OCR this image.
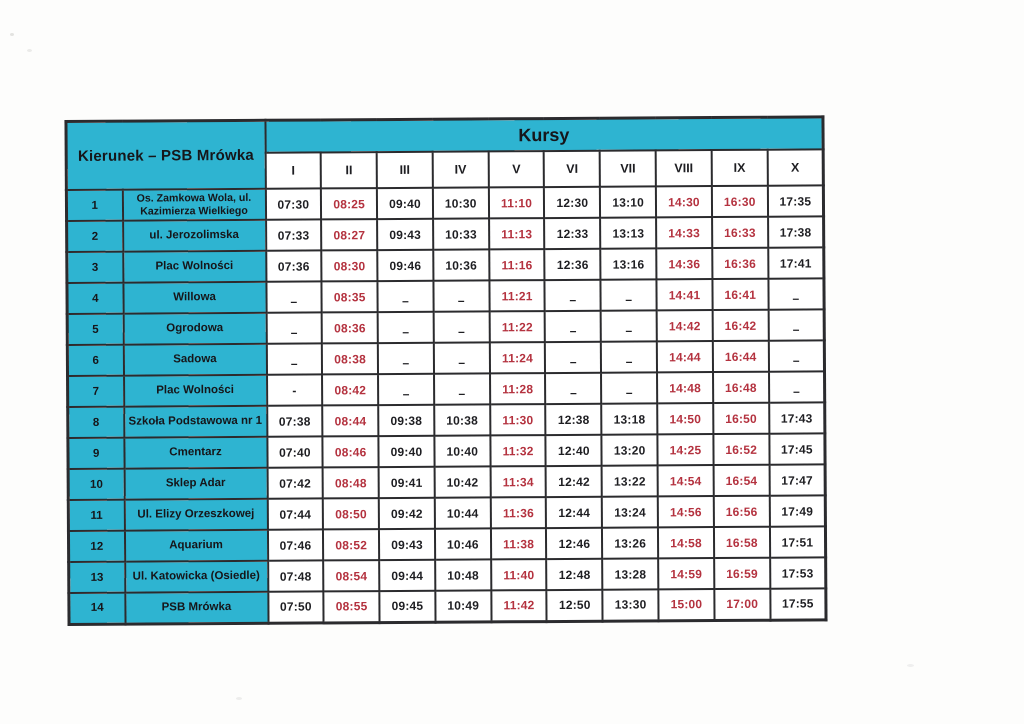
Kierunek – PSB Mrówka		Kursy									
		I	II	III	IV	V	VI	VII	VIII	IX	X
1	Os. Zamkowa Wola, ul. Kazimierza Wielkiego	07:30	08:25	09:40	10:30	11:10	12:30	13:10	14:30	16:30	17:35
2	ul. Jerozolimska	07:33	08:27	09:43	10:33	11:13	12:33	13:13	14:33	16:33	17:38
3	Plac Wolności	07:36	08:30	09:46	10:36	11:16	12:36	13:16	14:36	16:36	17:41
4	Willowa	–	08:35	–	–	11:21	–	–	14:41	16:41	–
5	Ogrodowa	–	08:36	–	–	11:22	–	–	14:42	16:42	–
6	Sadowa	–	08:38	–	–	11:24	–	–	14:44	16:44	–
7	Plac Wolności	-	08:42	–	–	11:28	–	–	14:48	16:48	–
8	Szkoła Podstawowa nr 1	07:38	08:44	09:38	10:38	11:30	12:38	13:18	14:50	16:50	17:43
9	Cmentarz	07:40	08:46	09:40	10:40	11:32	12:40	13:20	14:25	16:52	17:45
10	Sklep Adar	07:42	08:48	09:41	10:42	11:34	12:42	13:22	14:54	16:54	17:47
11	Ul. Elizy Orzeszkowej	07:44	08:50	09:42	10:44	11:36	12:44	13:24	14:56	16:56	17:49
12	Aquarium	07:46	08:52	09:43	10:46	11:38	12:46	13:26	14:58	16:58	17:51
13	Ul. Katowicka (Osiedle)	07:48	08:54	09:44	10:48	11:40	12:48	13:28	14:59	16:59	17:53
14	PSB Mrówka	07:50	08:55	09:45	10:49	11:42	12:50	13:30	15:00	17:00	17:55
